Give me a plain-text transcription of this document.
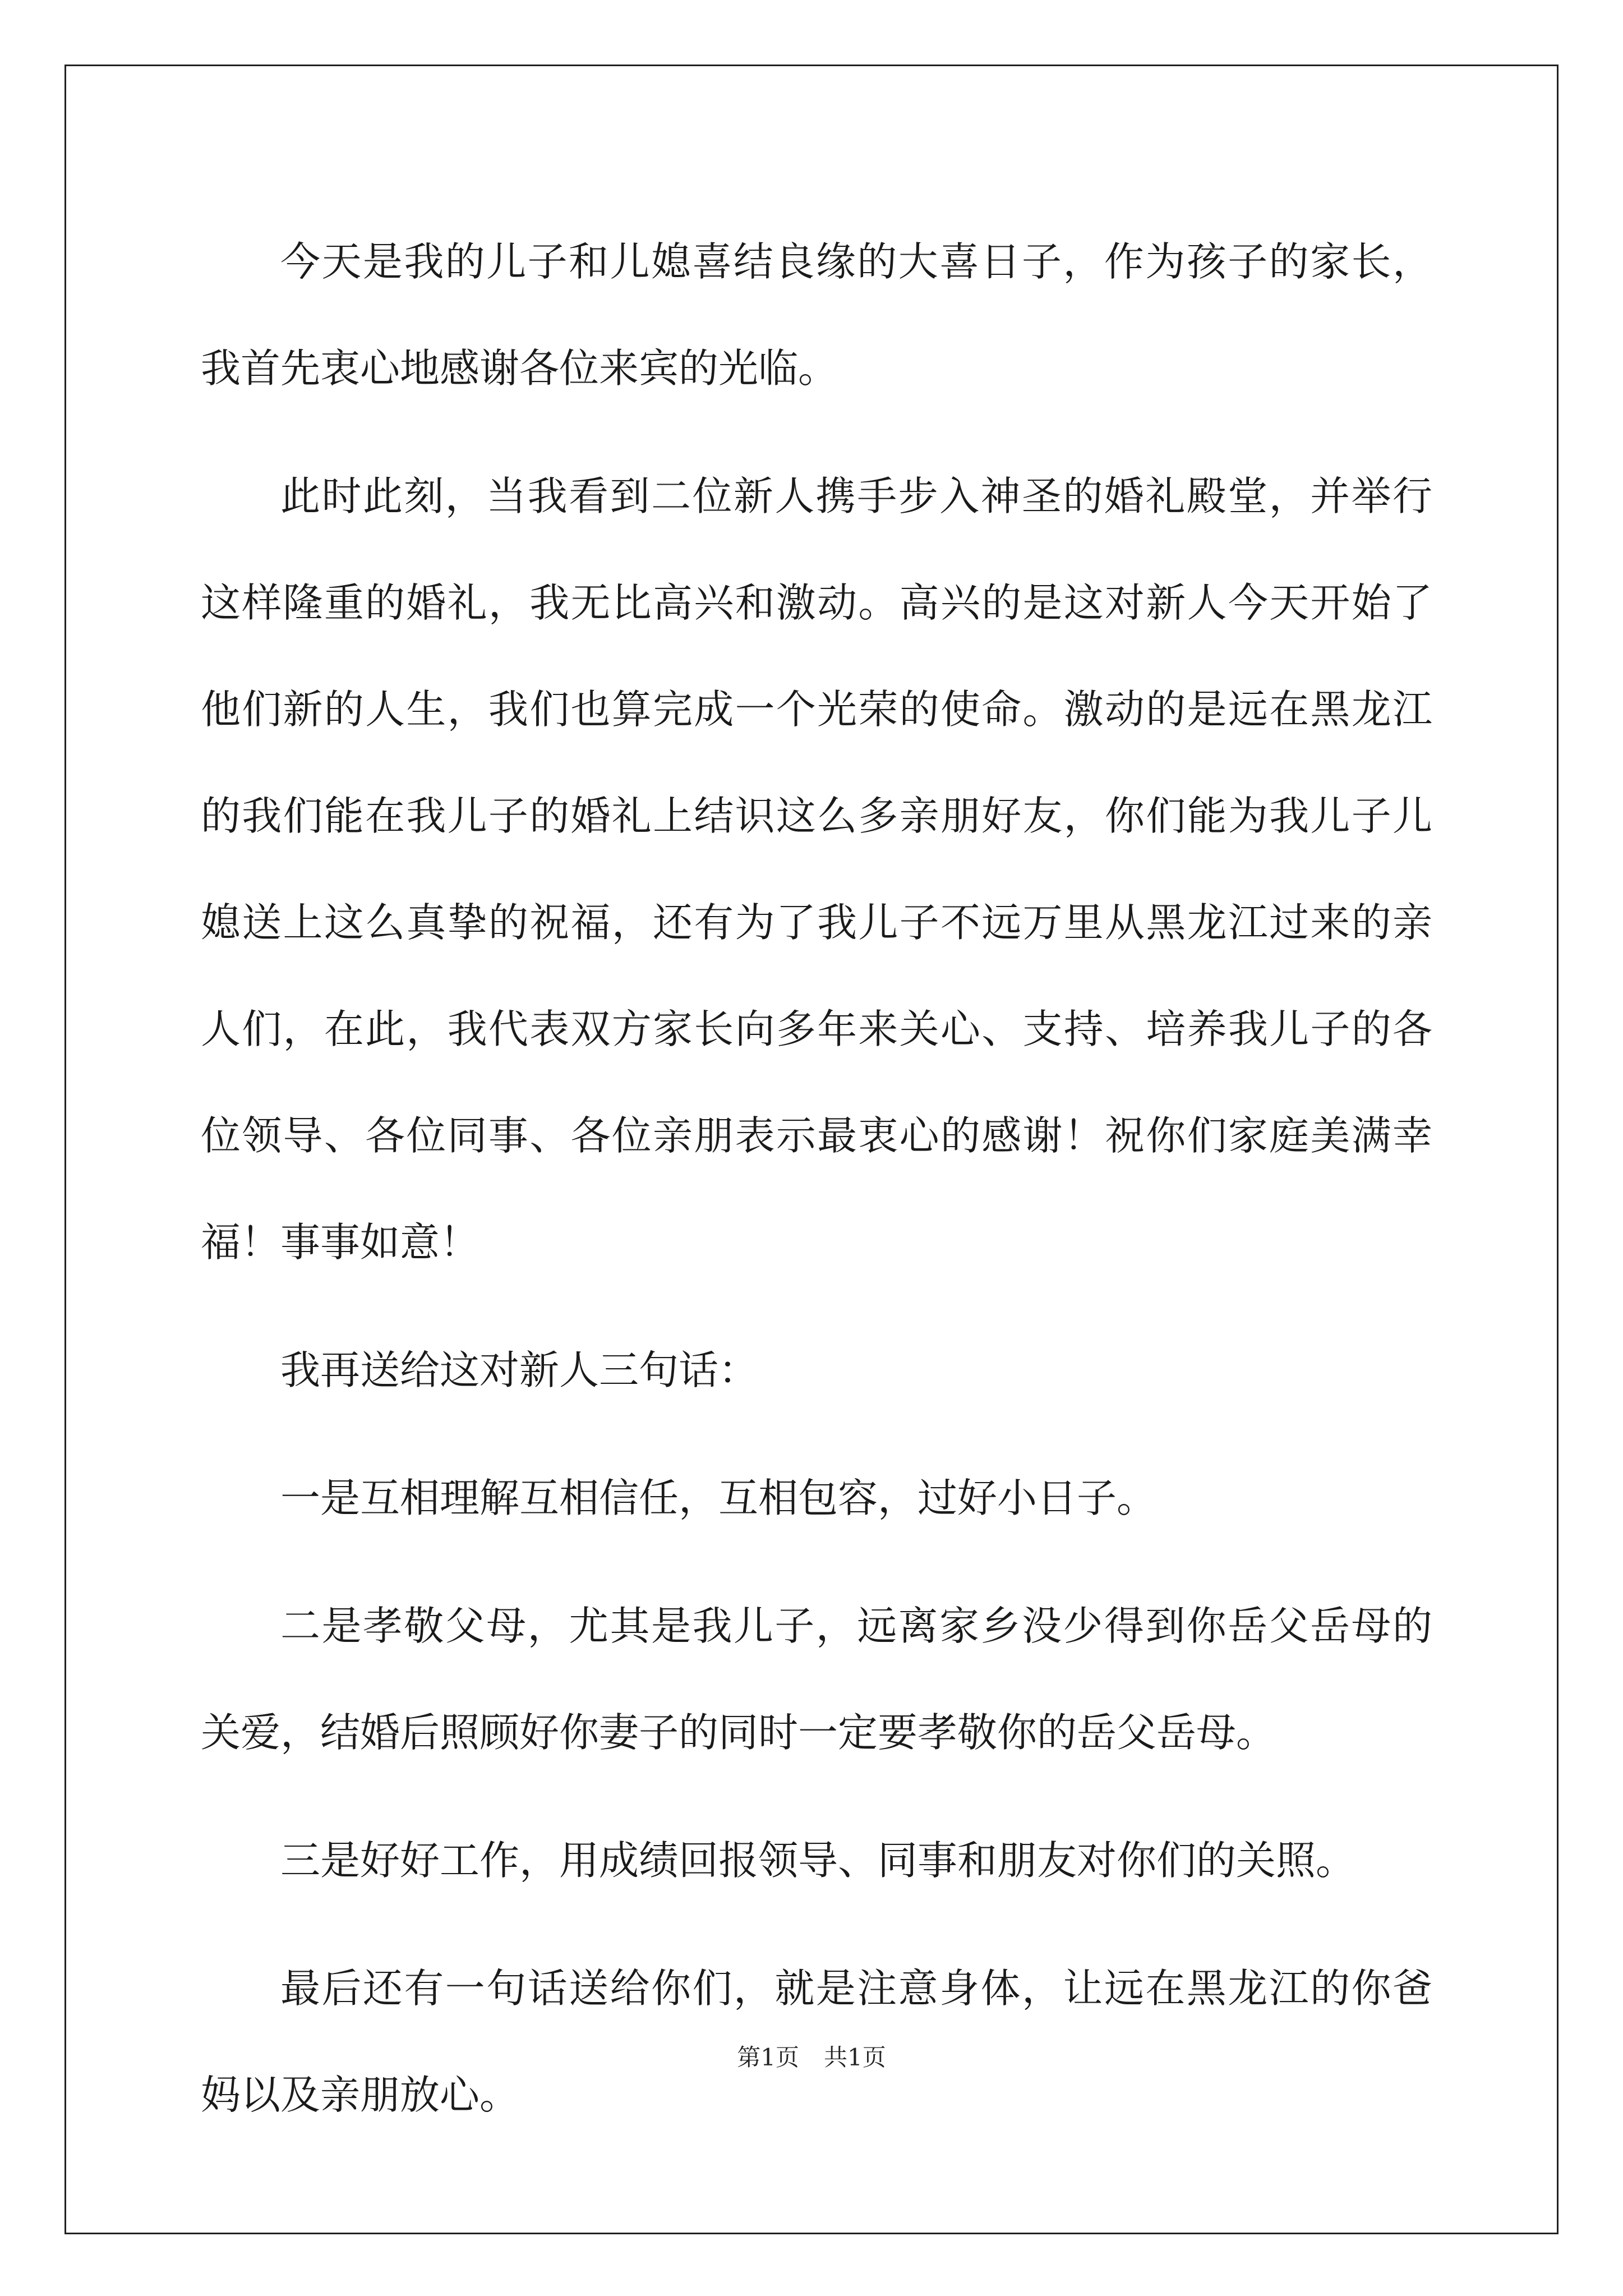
今天是我的儿子和儿媳喜结良缘的大喜日子，作为孩子的家长，我首先衷心地感谢各位来宾的光临。

此时此刻，当我看到二位新人携手步入神圣的婚礼殿堂，并举行这样隆重的婚礼，我无比高兴和激动。高兴的是这对新人今天开始了他们新的人生，我们也算完成一个光荣的使命。激动的是远在黑龙江的我们能在我儿子的婚礼上结识这么多亲朋好友，你们能为我儿子儿媳送上这么真挚的祝福，还有为了我儿子不远万里从黑龙江过来的亲人们，在此，我代表双方家长向多年来关心、支持、培养我儿子的各位领导、各位同事、各位亲朋表示最衷心的感谢！祝你们家庭美满幸福！事事如意！

我再送给这对新人三句话：

一是互相理解互相信任，互相包容，过好小日子。

二是孝敬父母，尤其是我儿子，远离家乡没少得到你岳父岳母的关爱，结婚后照顾好你妻子的同时一定要孝敬你的岳父岳母。

三是好好工作，用成绩回报领导、同事和朋友对你们的关照。

最后还有一句话送给你们，就是注意身体，让远在黑龙江的你爸妈以及亲朋放心。

第1页 共1页
